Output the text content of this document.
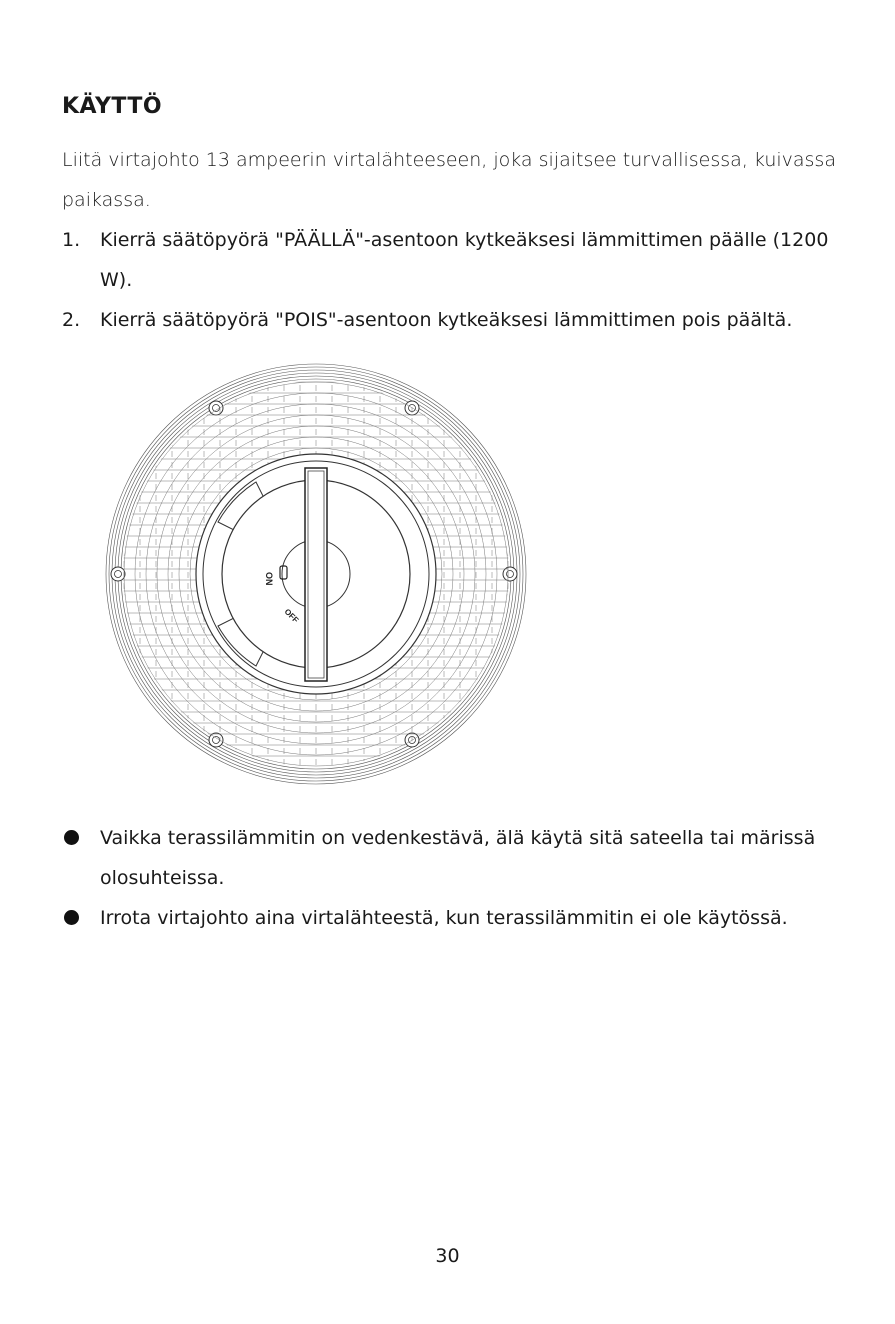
KÄYTTÖ

Liitä virtajohto 13 ampeerin virtalähteeseen, joka sijaitsee turvallisessa, kuivassa paikassa.

1. Kierrä säätöpyörä "PÄÄLLÄ"-asentoon kytkeäksesi lämmittimen päälle (1200 W).
2. Kierrä säätöpyörä "POIS"-asentoon kytkeäksesi lämmittimen pois päältä.
ON
OFF
Vaikka terassilämmitin on vedenkestävä, älä käytä sitä sateella tai märissä olosuhteissa.
Irrota virtajohto aina virtalähteestä, kun terassilämmitin ei ole käytössä.
30
